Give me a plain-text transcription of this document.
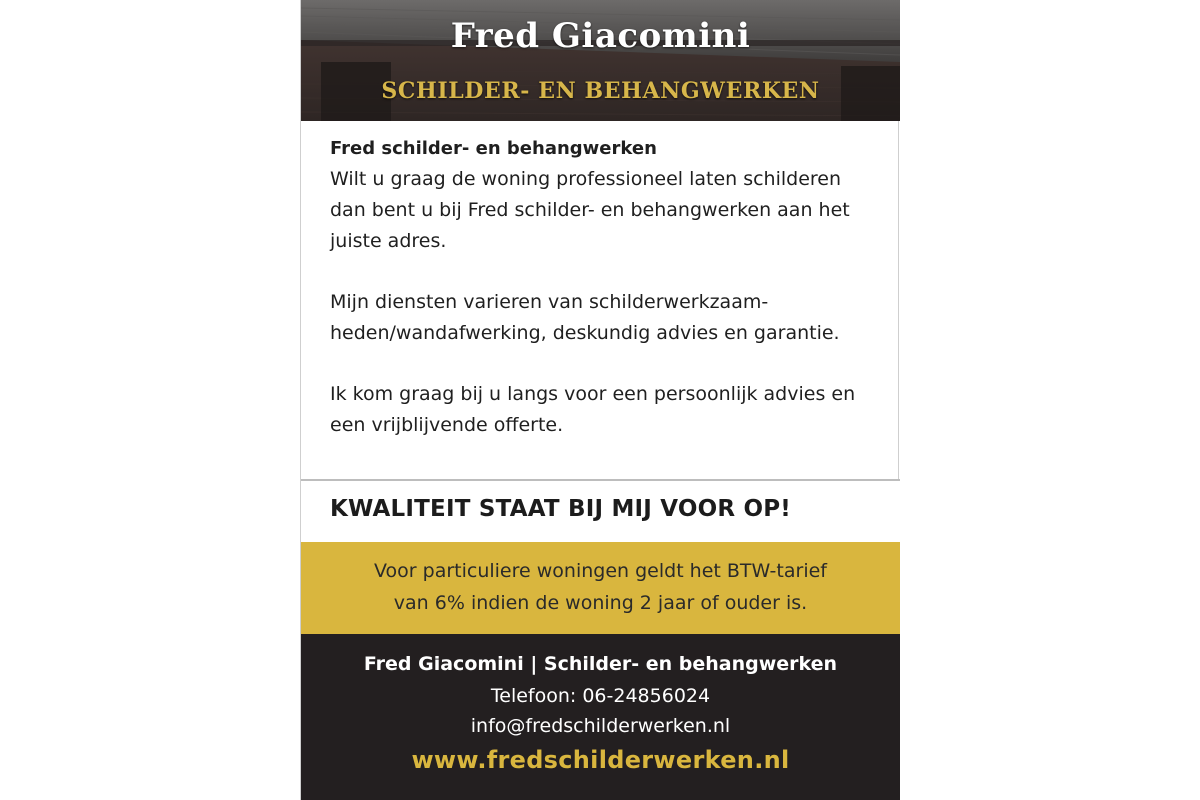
Fred Giacomini
SCHILDER- EN BEHANGWERKEN

Fred schilder- en behangwerken

Wilt u graag de woning professioneel laten schilderen dan bent u bij Fred schilder- en behangwerken aan het juiste adres.

Mijn diensten varieren van schilderwerkzaam-heden/wandafwerking, deskundig advies en garantie.

Ik kom graag bij u langs voor een persoonlijk advies en een vrijblijvende offerte.

KWALITEIT STAAT BIJ MIJ VOOR OP!
Voor particuliere woningen geldt het BTW-tarief
van 6% indien de woning 2 jaar of ouder is.
Fred Giacomini | Schilder- en behangwerken
Telefoon: 06-24856024
info@fredschilderwerken.nl
www.fredschilderwerken.nl
